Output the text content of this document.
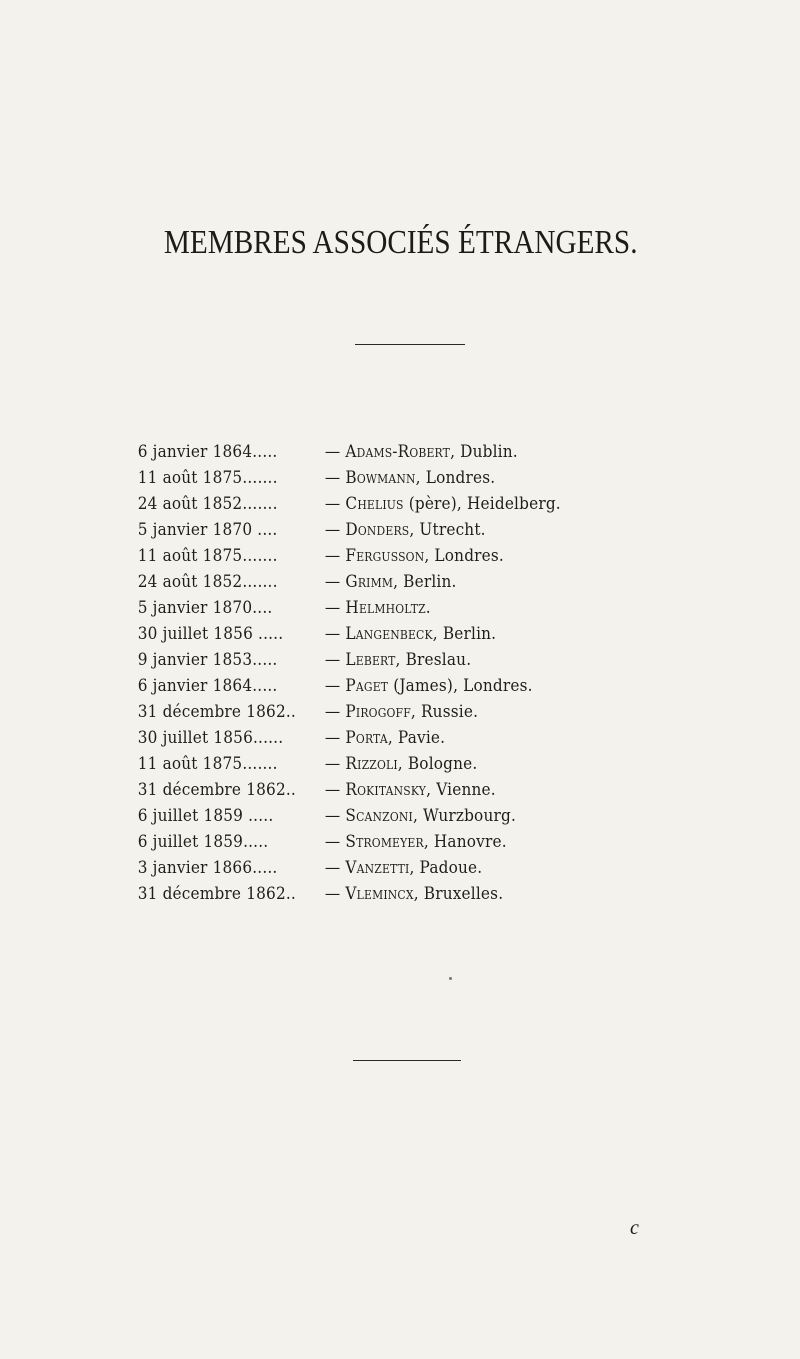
MEMBRES ASSOCIÉS ÉTRANGERS.
6 janvier 1864.....	— Adams-Robert, Dublin.
11 août 1875.......	— Bowmann, Londres.
24 août 1852.......	— Chelius (père), Heidelberg.
5 janvier 1870 ....	— Donders, Utrecht.
11 août 1875.......	— Fergusson, Londres.
24 août 1852.......	— Grimm, Berlin.
5 janvier 1870....	— Helmholtz.
30 juillet 1856 ..... — Langenbeck, Berlin.
9 janvier 1853.....	— Lebert, Breslau.
6 janvier 1864.....	— Paget (James), Londres.
31 décembre 1862.. — Pirogoff, Russie.
30 juillet 1856...... — Porta, Pavie.
11 août 1875.......	— Rizzoli, Bologne.
31 décembre 1862.. — Rokitansky, Vienne.
6 juillet 1859 .....	— Scanzoni, Wurzbourg.
6 juillet 1859.....	— Stromeyer, Hanovre.
3 janvier 1866.....	— Vanzetti, Padoue.
31 décembre 1862.. — Vlemincx, Bruxelles.
c
